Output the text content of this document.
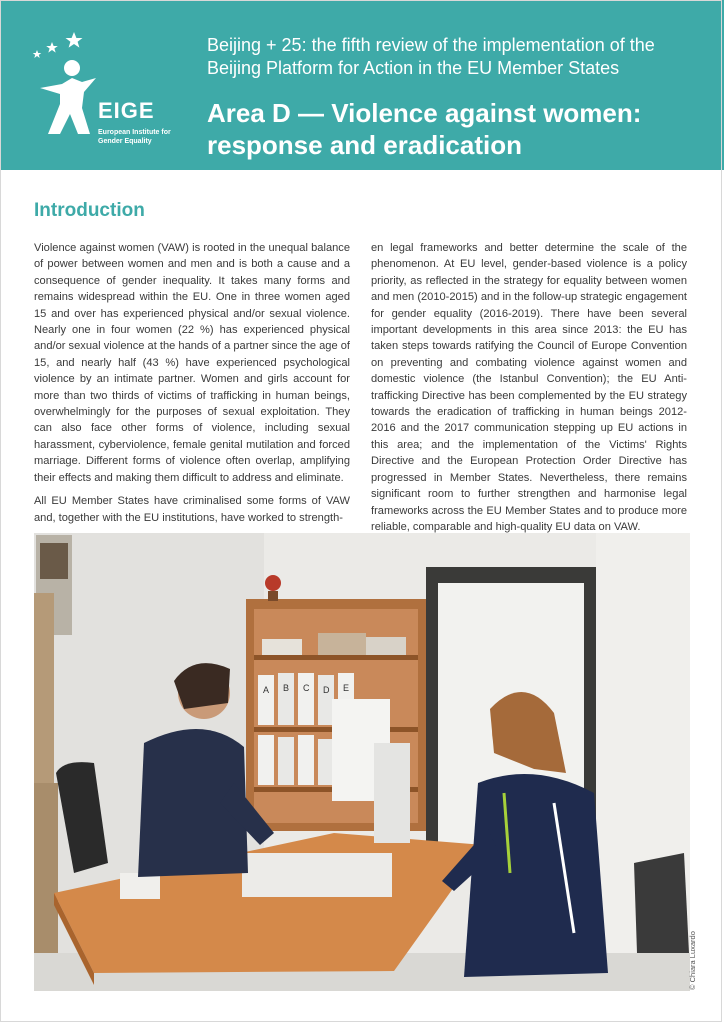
EIGE
European Institute for Gender Equality
Beijing + 25: the fifth review of the implementation of the Beijing Platform for Action in the EU Member States
Area D — Violence against women: response and eradication
Introduction

Violence against women (VAW) is rooted in the unequal balance of power between women and men and is both a cause and a consequence of gender inequality. It takes many forms and remains widespread within the EU. One in three women aged 15 and over has experienced physical and/or sexual violence. Nearly one in four women (22 %) has experienced physical and/or sexual violence at the hands of a partner since the age of 15, and nearly half (43 %) have experienced psychological violence by an intimate partner. Women and girls account for more than two thirds of victims of trafficking in human beings, overwhelmingly for the purposes of sexual exploitation. They can also face other forms of violence, including sexual harassment, cyberviolence, female genital mutilation and forced marriage. Different forms of violence often overlap, amplifying their effects and making them difficult to address and eliminate.

All EU Member States have criminalised some forms of VAW and, together with the EU institutions, have worked to strength-

en legal frameworks and better determine the scale of the phenomenon. At EU level, gender-based violence is a policy priority, as reflected in the strategy for equality between women and men (2010-2015) and in the follow-up strategic engagement for gender equality (2016-2019). There have been several important developments in this area since 2013: the EU has taken steps towards ratifying the Council of Europe Convention on preventing and combating violence against women and domestic violence (the Istanbul Convention); the EU Anti-trafficking Directive has been complemented by the EU strategy towards the eradication of trafficking in human beings 2012-2016 and the 2017 communication stepping up EU actions in this area; and the implementation of the Victims' Rights Directive and the European Protection Order Directive has progressed in Member States. Nevertheless, there remains significant room to further strengthen and harmonise legal frameworks across the EU Member States and to produce more reliable, comparable and high-quality EU data on VAW.

A B C D E
© Chiara Luxardo
